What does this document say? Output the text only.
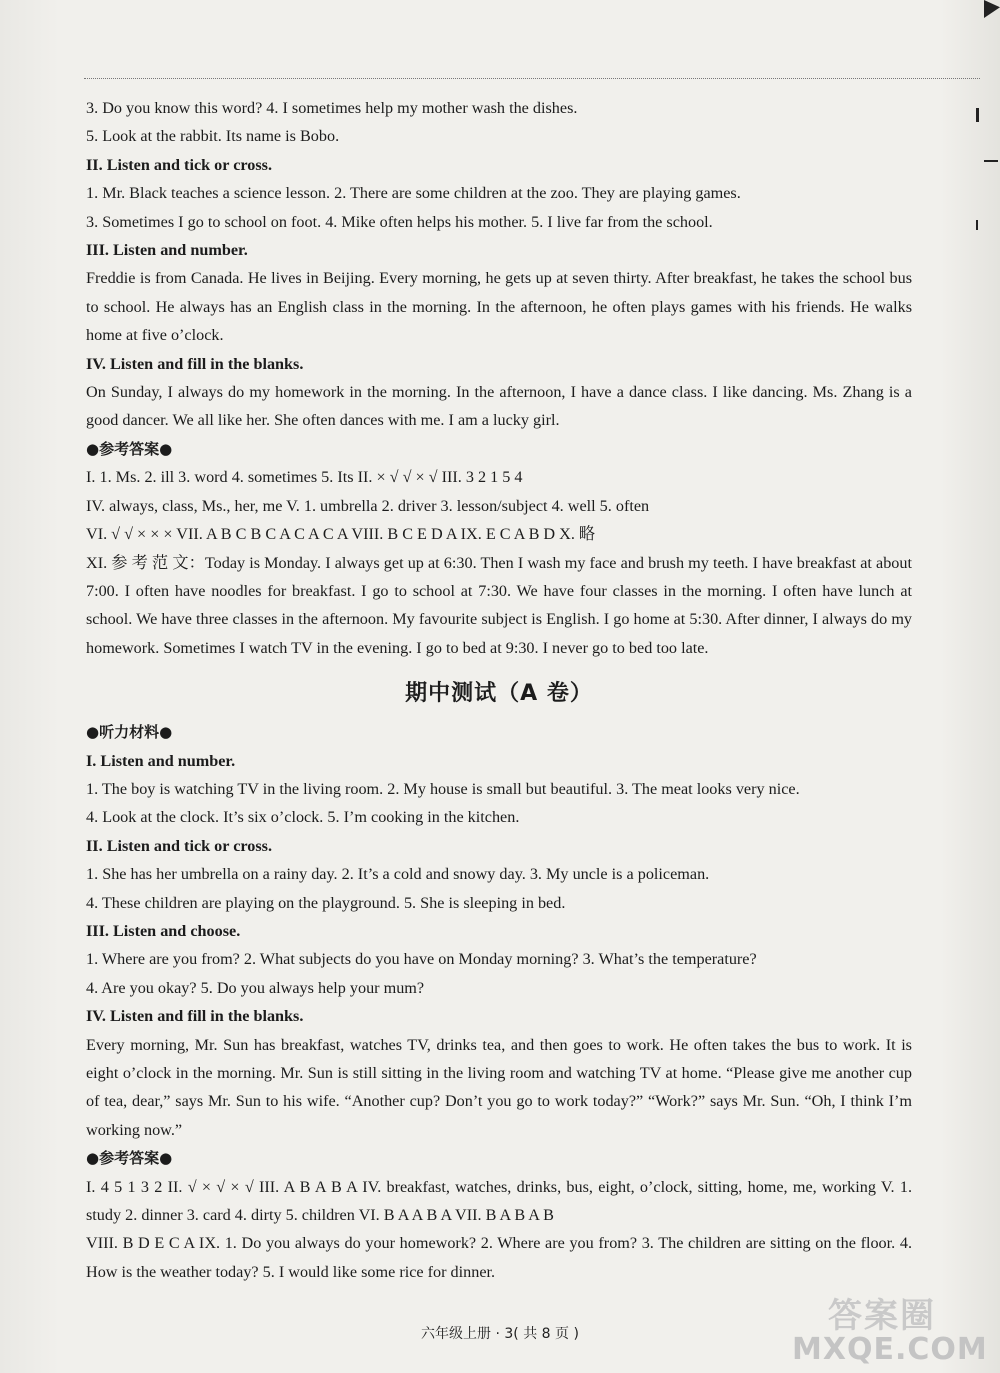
3. Do you know this word? 4. I sometimes help my mother wash the dishes.
5. Look at the rabbit. Its name is Bobo.
II. Listen and tick or cross.
1. Mr. Black teaches a science lesson. 2. There are some children at the zoo. They are playing games.
3. Sometimes I go to school on foot. 4. Mike often helps his mother. 5. I live far from the school.
III. Listen and number.
Freddie is from Canada. He lives in Beijing. Every morning, he gets up at seven thirty. After breakfast, he takes the school bus to school. He always has an English class in the morning. In the afternoon, he often plays games with his friends. He walks home at five o’clock.
IV. Listen and fill in the blanks.
On Sunday, I always do my homework in the morning. In the afternoon, I have a dance class. I like dancing. Ms. Zhang is a good dancer. We all like her. She often dances with me. I am a lucky girl.
●参考答案●
I. 1. Ms. 2. ill 3. word 4. sometimes 5. Its II. × √ √ × √ III. 3 2 1 5 4
IV. always, class, Ms., her, me V. 1. umbrella 2. driver 3. lesson/subject 4. well 5. often
VI. √ √ × × × VII. A B C B C A C A C A VIII. B C E D A IX. E C A B D X. 略
XI. 参 考 范 文：Today is Monday. I always get up at 6:30. Then I wash my face and brush my teeth. I have breakfast at about 7:00. I often have noodles for breakfast. I go to school at 7:30. We have four classes in the morning. I often have lunch at school. We have three classes in the afternoon. My favourite subject is English. I go home at 5:30. After dinner, I always do my homework. Sometimes I watch TV in the evening. I go to bed at 9:30. I never go to bed too late.
期中测试（A 卷）
●听力材料●
I. Listen and number.
1. The boy is watching TV in the living room. 2. My house is small but beautiful. 3. The meat looks very nice.
4. Look at the clock. It’s six o’clock. 5. I’m cooking in the kitchen.
II. Listen and tick or cross.
1. She has her umbrella on a rainy day. 2. It’s a cold and snowy day. 3. My uncle is a policeman.
4. These children are playing on the playground. 5. She is sleeping in bed.
III. Listen and choose.
1. Where are you from? 2. What subjects do you have on Monday morning? 3. What’s the temperature?
4. Are you okay? 5. Do you always help your mum?
IV. Listen and fill in the blanks.
Every morning, Mr. Sun has breakfast, watches TV, drinks tea, and then goes to work. He often takes the bus to work. It is eight o’clock in the morning. Mr. Sun is still sitting in the living room and watching TV at home. “Please give me another cup of tea, dear,” says Mr. Sun to his wife. “Another cup? Don’t you go to work today?” “Work?” says Mr. Sun. “Oh, I think I’m working now.”
●参考答案●
I. 4 5 1 3 2 II. √ × √ × √ III. A B A B A IV. breakfast, watches, drinks, bus, eight, o’clock, sitting, home, me, working V. 1. study 2. dinner 3. card 4. dirty 5. children VI. B A A B A VII. B A B A B
VIII. B D E C A IX. 1. Do you always do your homework? 2. Where are you from? 3. The children are sitting on the floor. 4. How is the weather today? 5. I would like some rice for dinner.
六年级上册 · 3( 共 8 页 )	答案圈
MXQE.COM
